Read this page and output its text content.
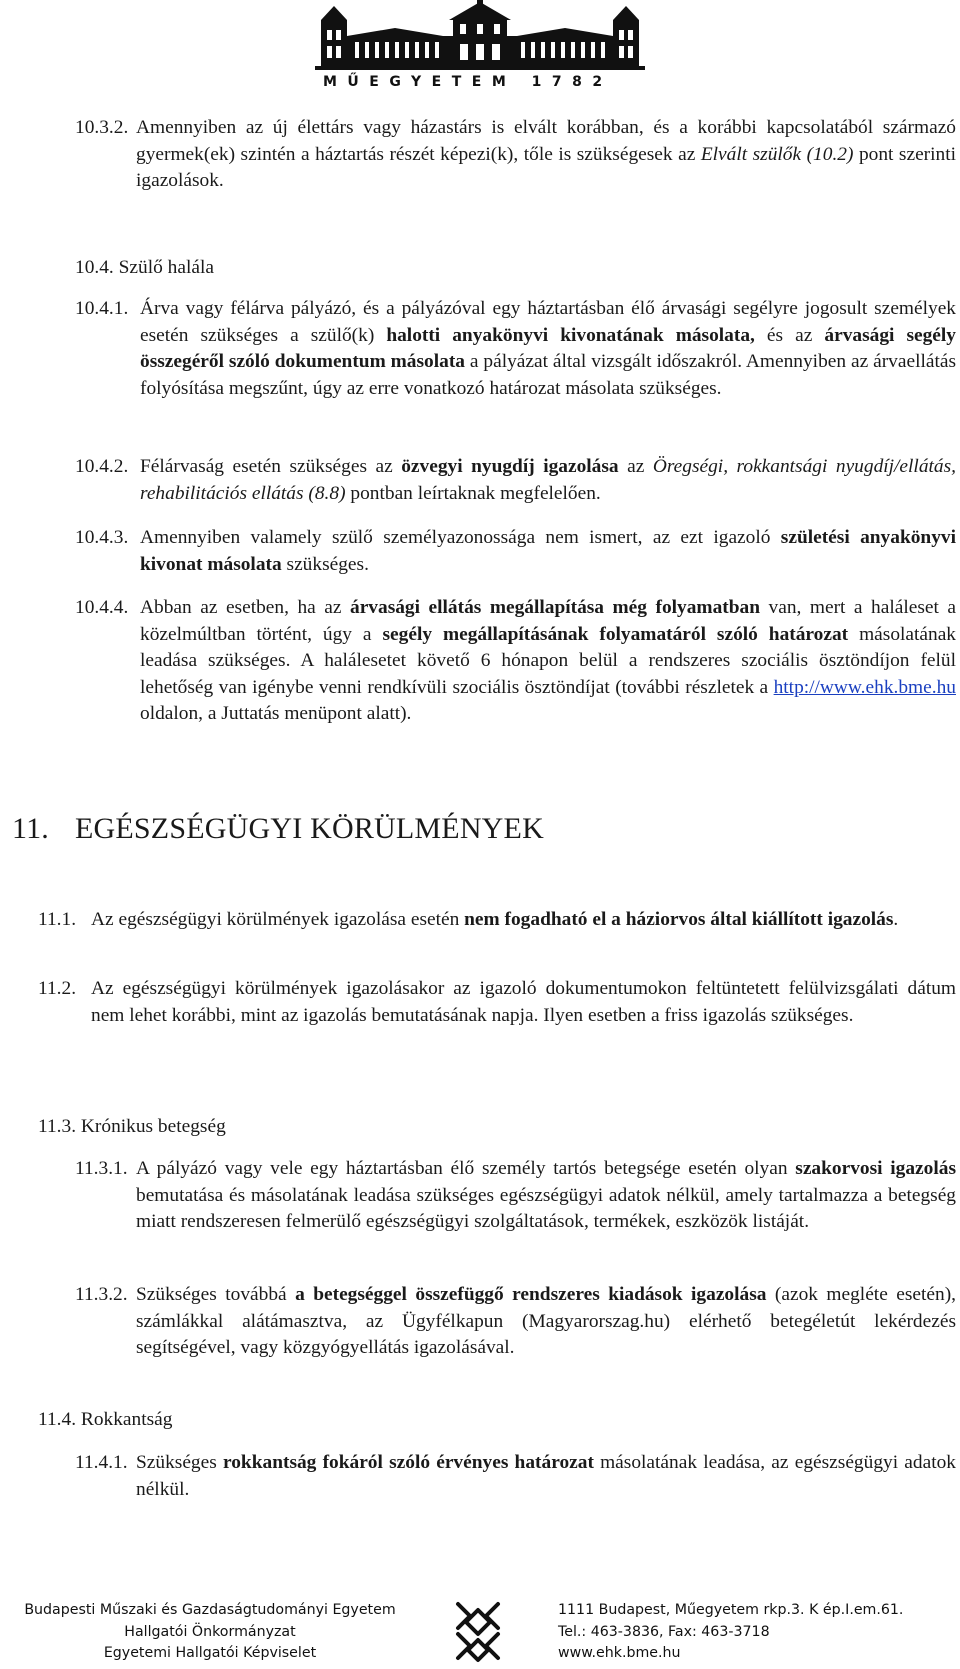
MŰEGYETEM 1782
10.3.2. Amennyiben az új élettárs vagy házastárs is elvált korábban, és a korábbi kapcsolatából származó gyermek(ek) szintén a háztartás részét képezi(k), tőle is szükségesek az Elvált szülők (10.2) pont szerinti igazolások.

10.4. Szülő halála
10.4.1. Árva vagy félárva pályázó, és a pályázóval egy háztartásban élő árvasági segélyre jogosult személyek esetén szükséges a szülő(k) halotti anyakönyvi kivonatának másolata, és az árvasági segély összegéről szóló dokumentum másolata a pályázat által vizsgált időszakról. Amennyiben az árvaellátás folyósítása megszűnt, úgy az erre vonatkozó határozat másolata szükséges.

10.4.2. Félárvaság esetén szükséges az özvegyi nyugdíj igazolása az Öregségi, rokkantsági nyugdíj/ellátás, rehabilitációs ellátás (8.8) pontban leírtaknak megfelelően.

10.4.3. Amennyiben valamely szülő személyazonossága nem ismert, az ezt igazoló születési anyakönyvi kivonat másolata szükséges.

10.4.4. Abban az esetben, ha az árvasági ellátás megállapítása még folyamatban van, mert a haláleset a közelmúltban történt, úgy a segély megállapításának folyamatáról szóló határozat másolatának leadása szükséges. A halálesetet követő 6 hónapon belül a rendszeres szociális ösztöndíjon felül lehetőség van igénybe venni rendkívüli szociális ösztöndíjat (további részletek a http://www.ehk.bme.hu oldalon, a Juttatás menüpont alatt).

11. EGÉSZSÉGÜGYI KÖRÜLMÉNYEK
11.1. Az egészségügyi körülmények igazolása esetén nem fogadható el a háziorvos által kiállított igazolás.

11.2. Az egészségügyi körülmények igazolásakor az igazoló dokumentumokon feltüntetett felülvizsgálati dátum nem lehet korábbi, mint az igazolás bemutatásának napja. Ilyen esetben a friss igazolás szükséges.

11.3. Krónikus betegség
11.3.1. A pályázó vagy vele egy háztartásban élő személy tartós betegsége esetén olyan szakorvosi igazolás bemutatása és másolatának leadása szükséges egészségügyi adatok nélkül, amely tartalmazza a betegség miatt rendszeresen felmerülő egészségügyi szolgáltatások, termékek, eszközök listáját.

11.3.2. Szükséges továbbá a betegséggel összefüggő rendszeres kiadások igazolása (azok megléte esetén), számlákkal alátámasztva, az Ügyfélkapun (Magyarorszag.hu) elérhető betegéletút lekérdezés segítségével, vagy közgyógyellátás igazolásával.

11.4. Rokkantság
11.4.1. Szükséges rokkantság fokáról szóló érvényes határozat másolatának leadása, az egészségügyi adatok nélkül.

Budapesti Műszaki és Gazdaságtudományi Egyetem
Hallgatói Önkormányzat
Egyetemi Hallgatói Képviselet
1111 Budapest, Műegyetem rkp.3. K ép.I.em.61.
Tel.: 463-3836, Fax: 463-3718
www.ehk.bme.hu
